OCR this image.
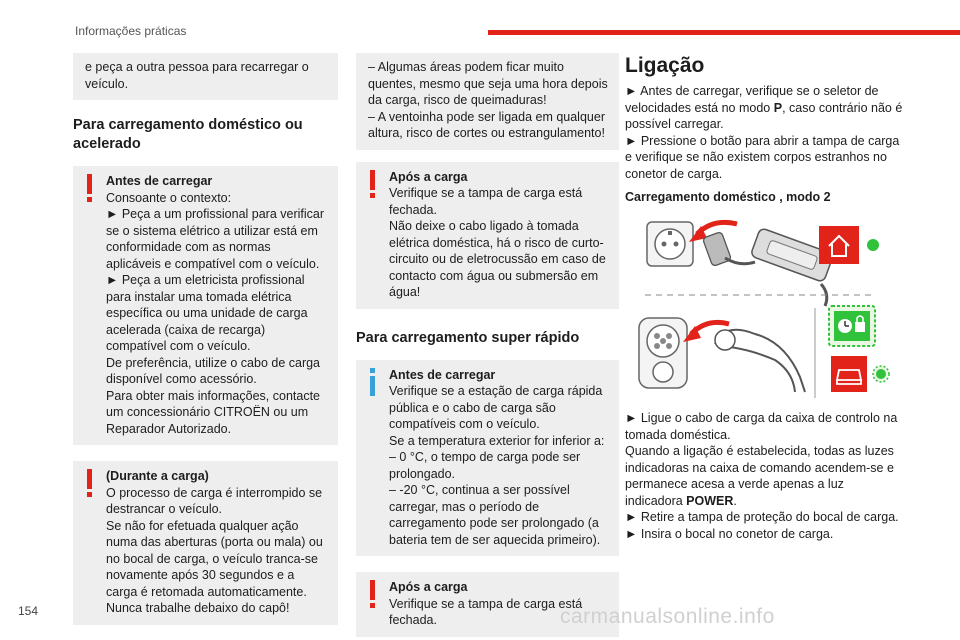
Informações práticas

e peça a outra pessoa para recarregar o veículo.

Para carregamento doméstico ou acelerado

Antes de carregar

Consoante o contexto:
► Peça a um profissional para verificar se o sistema elétrico a utilizar está em conformidade com as normas aplicáveis e compatível com o veículo.
► Peça a um eletricista profissional para instalar uma tomada elétrica específica ou uma unidade de carga acelerada (caixa de recarga) compatível com o veículo.
De preferência, utilize o cabo de carga disponível como acessório.
Para obter mais informações, contacte um concessionário CITROËN ou um Reparador Autorizado.

(Durante a carga)

O processo de carga é interrompido se destrancar o veículo.
Se não for efetuada qualquer ação numa das aberturas (porta ou mala) ou no bocal de carga, o veículo tranca-se novamente após 30 segundos e a carga é retomada automaticamente.
Nunca trabalhe debaixo do capô!

– Algumas áreas podem ficar muito quentes, mesmo que seja uma hora depois da carga, risco de queimaduras!
– A ventoinha pode ser ligada em qualquer altura, risco de cortes ou estrangulamento!

Após a carga

Verifique se a tampa de carga está fechada.
Não deixe o cabo ligado à tomada elétrica doméstica, há o risco de curto-circuito ou de eletrocussão em caso de contacto com água ou submersão em água!

Para carregamento super rápido

Antes de carregar

Verifique se a estação de carga rápida pública e o cabo de carga são compatíveis com o veículo.
Se a temperatura exterior for inferior a:
– 0 °C, o tempo de carga pode ser prolongado.
– -20 °C, continua a ser possível carregar, mas o período de carregamento pode ser prolongado (a bateria tem de ser aquecida primeiro).

Após a carga

Verifique se a tampa de carga está fechada.

Ligação

► Antes de carregar, verifique se o seletor de velocidades está no modo P, caso contrário não é possível carregar.
► Pressione o botão para abrir a tampa de carga e verifique se não existem corpos estranhos no conetor de carga.

Carregamento doméstico , modo 2

► Ligue o cabo de carga da caixa de controlo na tomada doméstica.
Quando a ligação é estabelecida, todas as luzes indicadoras na caixa de comando acendem-se e permanece acesa a verde apenas a luz indicadora POWER.
► Retire a tampa de proteção do bocal de carga.
► Insira o bocal no conetor de carga.

154	carmanualsonline.info
